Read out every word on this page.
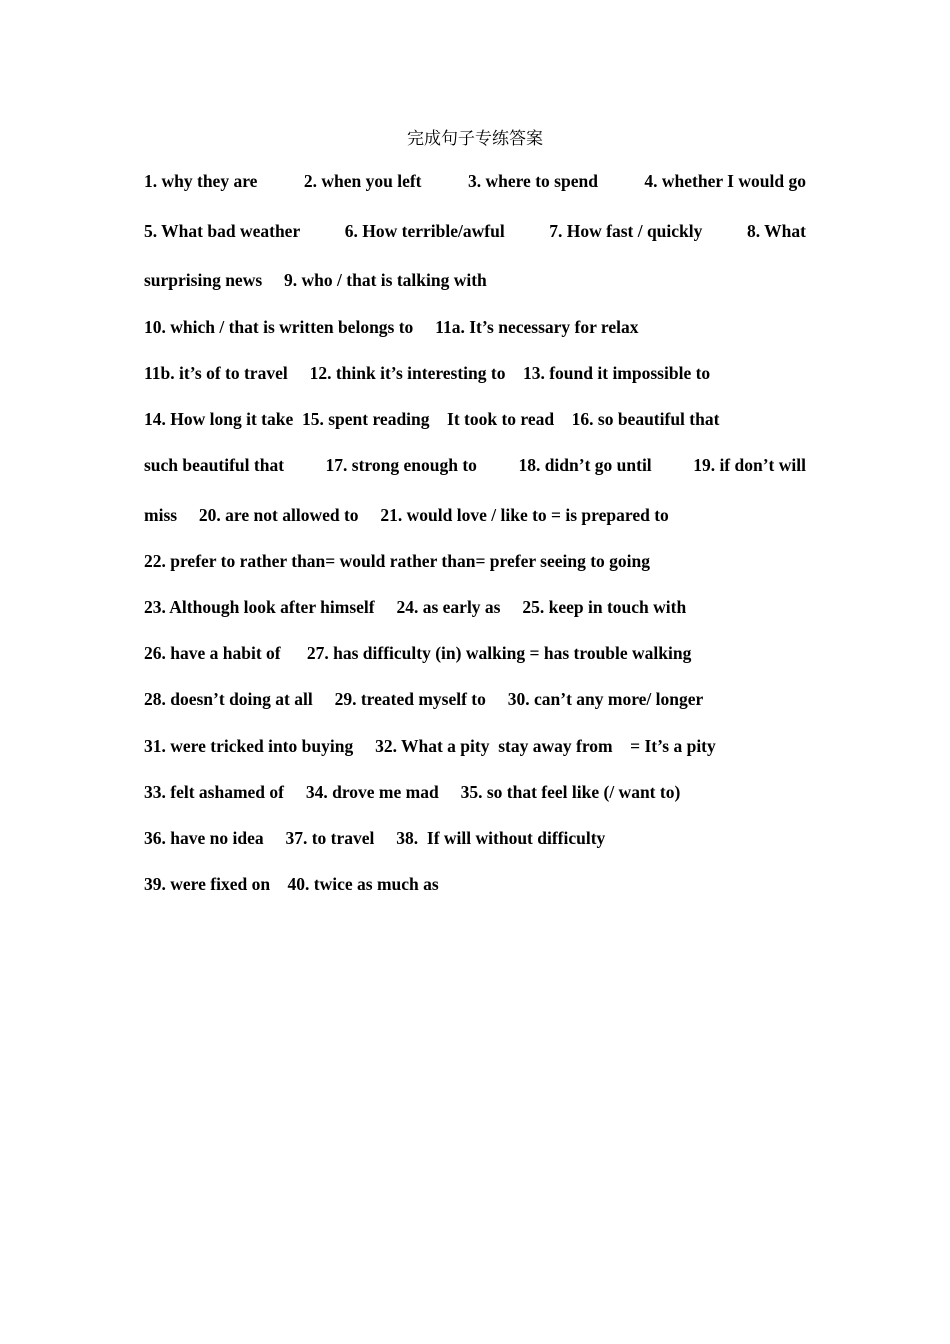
完成句子专练答案
1. why they are	2. when you left	3. where to spend	4. whether I would go
5. What bad weather	6. How terrible/awful	7. How fast / quickly	8. What
surprising news     9. who / that is talking with
10. which / that is written belongs to     11a. It’s necessary for relax
11b. it’s of to travel     12. think it’s interesting to    13. found it impossible to
14. How long it take  15. spent reading    It took to read    16. so beautiful that
such beautiful that 17. strong enough to 18. didn’t go until 19. if don’t will
miss     20. are not allowed to     21. would love / like to = is prepared to
22. prefer to rather than= would rather than= prefer seeing to going
23. Although look after himself     24. as early as     25. keep in touch with
26. have a habit of      27. has difficulty (in) walking = has trouble walking
28. doesn’t doing at all     29. treated myself to     30. can’t any more/ longer
31. were tricked into buying     32. What a pity  stay away from    = It’s a pity
33. felt ashamed of     34. drove me mad     35. so that feel like (/ want to)
36. have no idea     37. to travel     38.  If will without difficulty
39. were fixed on    40. twice as much as
